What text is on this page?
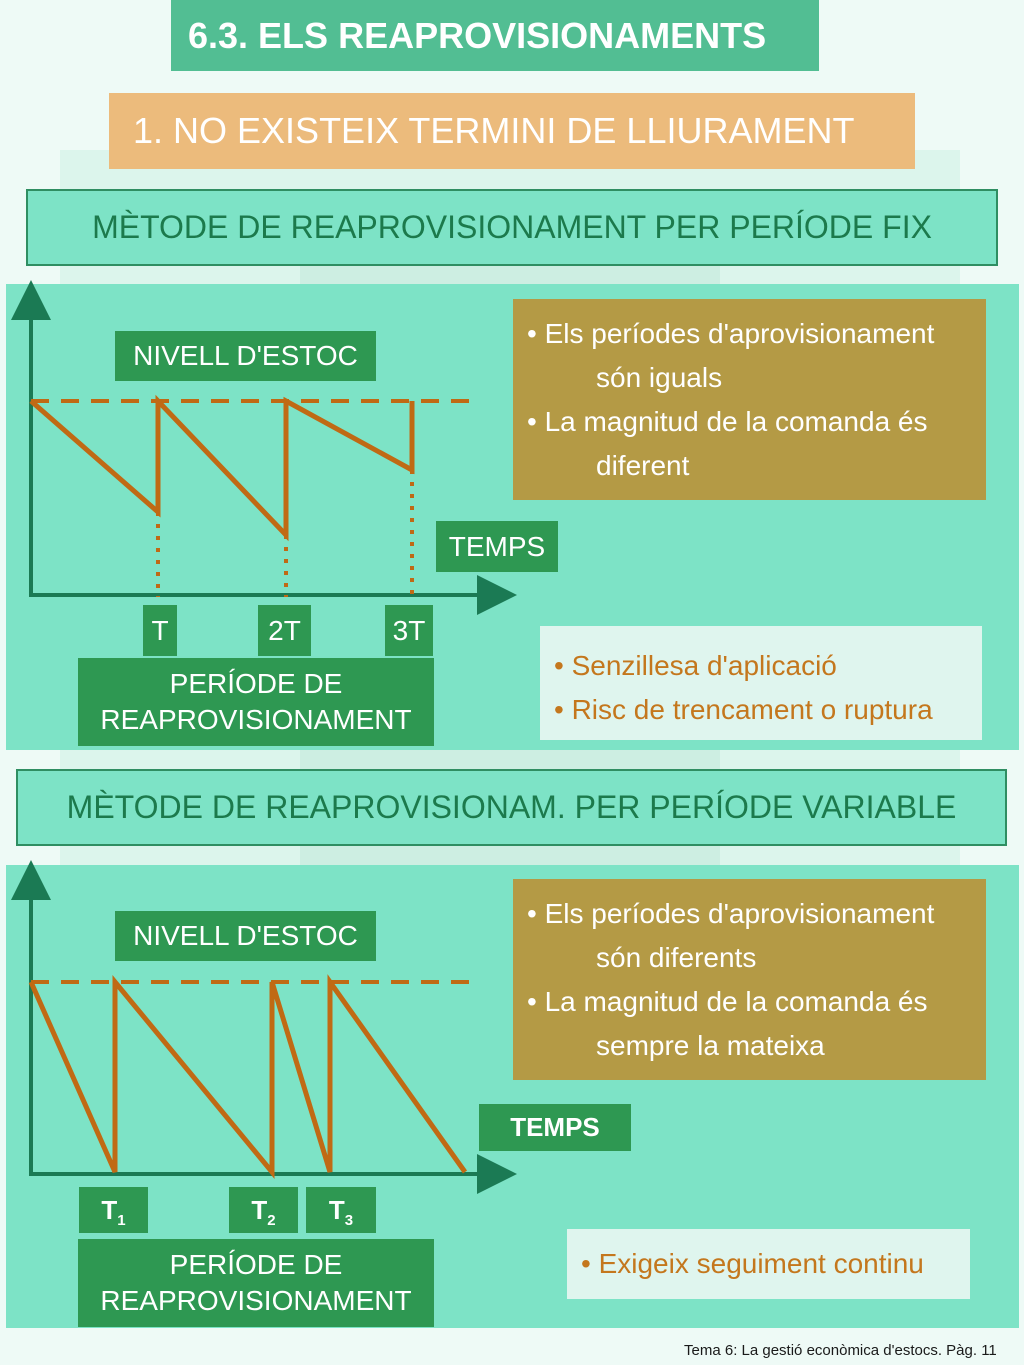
6.3. ELS REAPROVISIONAMENTS
1. NO EXISTEIX TERMINI DE LLIURAMENT
MÈTODE DE REAPROVISIONAMENT PER PERÍODE FIX
NIVELL D'ESTOC
TEMPS
T	2T	3T
PERÍODE DE
REAPROVISIONAMENT
• Els períodes d'aprovisionament
són iguals
• La magnitud de la comanda és
diferent
• Senzillesa d'aplicació
• Risc de trencament o ruptura
MÈTODE DE REAPROVISIONAM. PER PERÍODE VARIABLE
NIVELL D'ESTOC
TEMPS
$T_1$	$T_2$	$T_3$
PERÍODE DE
REAPROVISIONAMENT
• Els períodes d'aprovisionament
són diferents
• La magnitud de la comanda és
sempre la mateixa
• Exigeix seguiment continu
Tema 6: La gestió econòmica d'estocs. Pàg. 11
